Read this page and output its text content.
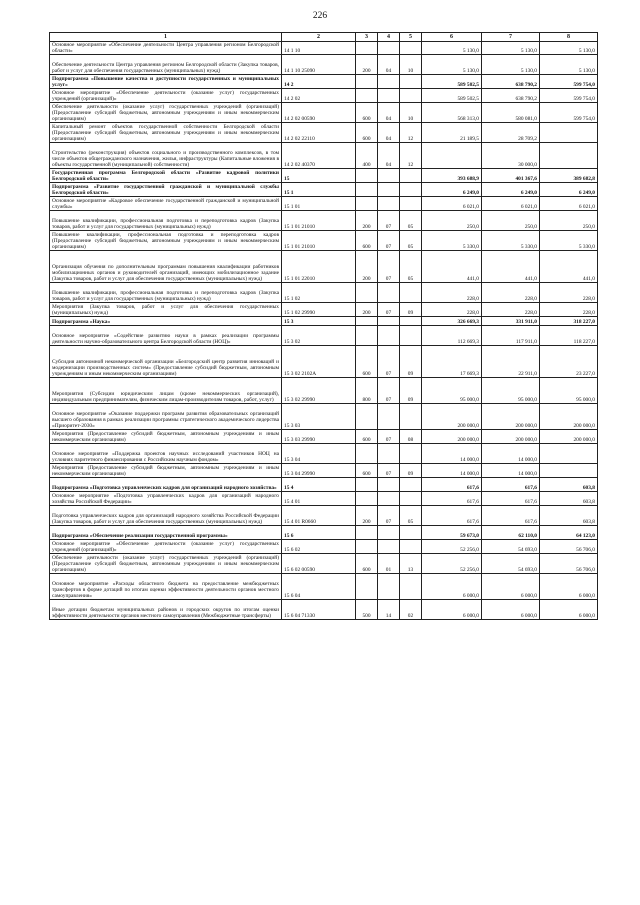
226
1	2	3	4	5	6	7	8
Основное мероприятие «Обеспечение деятельности Центра управления регионом Белгородской области»	14 1 10				5 130,0	5 130,0	5 130,0
Обеспечение деятельности Центра управления регионом Белгородской области (Закупка товаров, работ и услуг для обеспечения государственных (муниципальных) нужд)	14 1 10 25090	200	04	10	5 130,0	5 130,0	5 130,0
Подпрограмма «Повышение качества и доступности государственных и муниципальных услуг»	14 2				589 502,5	638 790,2	599 754,0
Основное мероприятие «Обеспечение деятельности (оказание услуг) государственных учреждений (организаций)»	14 2 02				589 502,5	638 790,2	599 754,0
Обеспечение деятельности (оказание услуг) государственных учреждений (организаций) (Предоставление субсидий бюджетным, автономным учреждениям и иным некоммерческим организациям)	14 2 02 00590	600	04	10	568 313,0	580 081,0	599 754,0
Капитальный ремонт объектов государственной собственности Белгородской области (Предоставление субсидий бюджетным, автономным учреждениям и иным некоммерческим организациям)	14 2 02 22110	600	04	12	21 189,5	28 709,2	
Строительство (реконструкция) объектов социального и производственного комплексов, в том числе объектов общегражданского назначения, жилья, инфраструктуры (Капитальные вложения в объекты государственной (муниципальной) собственности)	14 2 02 40370	400	04	12		30 000,0	
Государственная программа Белгородской области «Развитие кадровой политики Белгородской области»	15				393 688,9	401 367,6	389 682,8
Подпрограмма «Развитие государственной гражданской и муниципальной службы Белгородской области»	15 1				6 249,0	6 249,0	6 249,0
Основное мероприятие «Кадровое обеспечение государственной гражданской и муниципальной службы»	15 1 01				6 021,0	6 021,0	6 021,0
Повышение квалификации, профессиональная подготовка и переподготовка кадров (Закупка товаров, работ и услуг для государственных (муниципальных) нужд)	15 1 01 21010	200	07	05	250,0	250,0	250,0
Повышение квалификации, профессиональная подготовка и переподготовка кадров (Предоставление субсидий бюджетным, автономным учреждениям и иным некоммерческим организациям)	15 1 01 21010	600	07	05	5 330,0	5 330,0	5 330,0
Организация обучения по дополнительным программам повышения квалификации работников мобилизационных органов и руководителей организаций, имеющих мобилизационное задание (Закупка товаров, работ и услуг для обеспечения государственных (муниципальных) нужд)	15 1 01 22010	200	07	05	441,0	441,0	441,0
Повышение квалификации, профессиональная подготовка и переподготовка кадров (Закупка товаров, работ и услуг для государственных (муниципальных) нужд)	15 1 02				228,0	228,0	228,0
Мероприятия (Закупка товаров, работ и услуг для обеспечения государственных (муниципальных) нужд)	15 1 02 29990	200	07	09	228,0	228,0	228,0
Подпрограмма «Наука»	15 3				326 669,3	331 911,0	318 227,0
Основное мероприятие «Содействие развитию науки в рамках реализации программы деятельности научно-образовательного центра Белгородской области (НОЦ)»	15 3 02				112 669,3	117 911,0	118 227,0
Субсидия автономной некоммерческой организации «Белгородский центр развития инноваций и модернизации производственных систем» (Предоставление субсидий бюджетным, автономным учреждениям и иным некоммерческим организациям)	15 3 02 2102А	600	07	09	17 669,3	22 911,0	23 227,0
Мероприятия (Субсидии юридическим лицам (кроме некоммерческих организаций), индивидуальным предпринимателям, физическим лицам-производителям товаров, работ, услуг)	15 3 02 29990	800	07	09	95 000,0	95 000,0	95 000,0
Основное мероприятие «Оказание поддержки программ развития образовательных организаций высшего образования в рамках реализации программы стратегического академического лидерства «Приоритет-2030»	15 3 03				200 000,0	200 000,0	200 000,0
Мероприятия (Предоставление субсидий бюджетным, автономным учреждениям и иным некоммерческим организациям)	15 3 03 29990	600	07	08	200 000,0	200 000,0	200 000,0
Основное мероприятие «Поддержка проектов научных исследований участников НОЦ на условиях паритетного финансирования с Российским научным фондом»	15 3 04				14 000,0	14 000,0	
Мероприятия (Предоставление субсидий бюджетным, автономным учреждениям и иным некоммерческим организациям)	15 3 04 29990	600	07	09	14 000,0	14 000,0	
Подпрограмма «Подготовка управленческих кадров для организаций народного хозяйства»	15 4				617,6	617,6	603,8
Основное мероприятие «Подготовка управленческих кадров для организаций народного хозяйства Российской Федерации»	15 4 01				617,6	617,6	603,8
Подготовка управленческих кадров для организаций народного хозяйства Российской Федерации (Закупка товаров, работ и услуг для обеспечения государственных (муниципальных) нужд)	15 4 01 R0660	200	07	05	617,6	617,6	603,8
Подпрограмма «Обеспечение реализации государственной программы»	15 6				59 673,0	62 110,0	64 123,0
Основное мероприятие «Обеспечение деятельности (оказание услуг) государственных учреждений (организаций)»	15 6 02				52 256,0	54 693,0	56 706,0
Обеспечение деятельности (оказание услуг) государственных учреждений (организаций) (Предоставление субсидий бюджетным, автономным учреждениям и иным некоммерческим организациям)	15 6 02 00590	600	01	13	52 256,0	54 693,0	56 706,0
Основное мероприятие «Расходы областного бюджета на предоставление межбюджетных трансфертов в форме дотаций по итогам оценки эффективности деятельности органов местного самоуправления»	15 6 04				6 000,0	6 000,0	6 000,0
Иные дотации бюджетам муниципальных районов и городских округов по итогам оценки эффективности деятельности органов местного самоуправления (Межбюджетные трансферты)	15 6 04 71330	500	14	02	6 000,0	6 000,0	6 000,0
